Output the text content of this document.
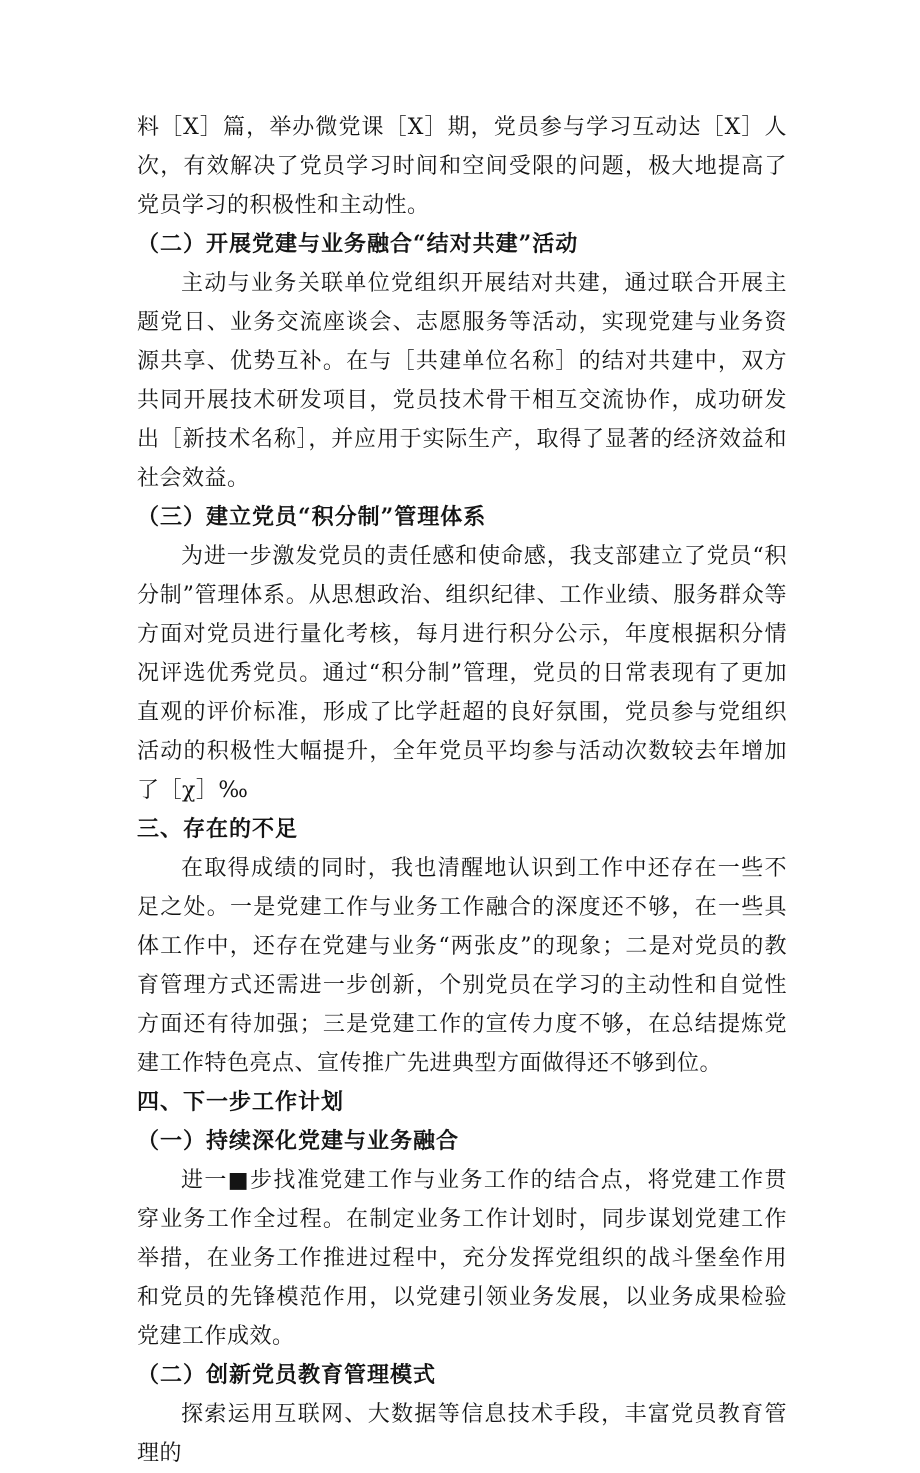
料［X］篇，举办微党课［X］期，党员参与学习互动达［X］人次，有效解决了党员学习时间和空间受限的问题，极大地提高了党员学习的积极性和主动性。

（二）开展党建与业务融合“结对共建”活动

主动与业务关联单位党组织开展结对共建，通过联合开展主题党日、业务交流座谈会、志愿服务等活动，实现党建与业务资源共享、优势互补。在与［共建单位名称］的结对共建中，双方共同开展技术研发项目，党员技术骨干相互交流协作，成功研发出［新技术名称］，并应用于实际生产，取得了显著的经济效益和社会效益。

（三）建立党员“积分制”管理体系

为进一步激发党员的责任感和使命感，我支部建立了党员“积分制”管理体系。从思想政治、组织纪律、工作业绩、服务群众等方面对党员进行量化考核，每月进行积分公示，年度根据积分情况评选优秀党员。通过“积分制”管理，党员的日常表现有了更加直观的评价标准，形成了比学赶超的良好氛围，党员参与党组织活动的积极性大幅提升，全年党员平均参与活动次数较去年增加了［χ］‰

三、存在的不足

在取得成绩的同时，我也清醒地认识到工作中还存在一些不足之处。一是党建工作与业务工作融合的深度还不够，在一些具体工作中，还存在党建与业务“两张皮”的现象；二是对党员的教育管理方式还需进一步创新，个别党员在学习的主动性和自觉性方面还有待加强；三是党建工作的宣传力度不够，在总结提炼党建工作特色亮点、宣传推广先进典型方面做得还不够到位。

四、下一步工作计划

（一）持续深化党建与业务融合

进一■步找准党建工作与业务工作的结合点，将党建工作贯穿业务工作全过程。在制定业务工作计划时，同步谋划党建工作举措，在业务工作推进过程中，充分发挥党组织的战斗堡垒作用和党员的先锋模范作用，以党建引领业务发展，以业务成果检验党建工作成效。

（二）创新党员教育管理模式

探索运用互联网、大数据等信息技术手段，丰富党员教育管理的
